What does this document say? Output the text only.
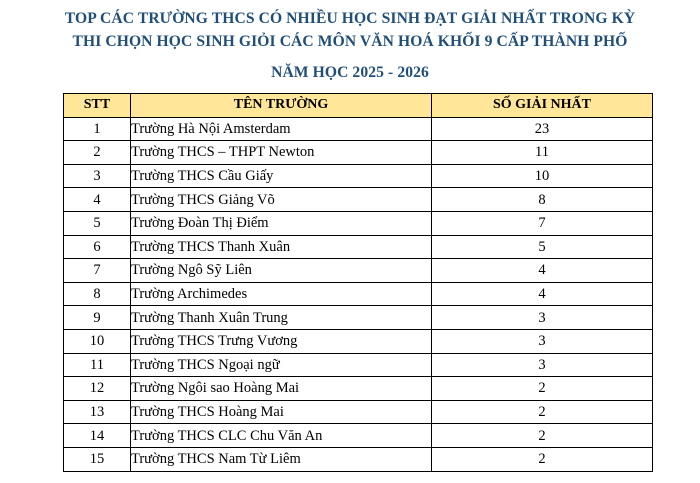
TOP CÁC TRƯỜNG THCS CÓ NHIỀU HỌC SINH ĐẠT GIẢI NHẤT TRONG KỲ
THI CHỌN HỌC SINH GIỎI CÁC MÔN VĂN HOÁ KHỐI 9 CẤP THÀNH PHỐ
NĂM HỌC 2025 - 2026
STT	TÊN TRƯỜNG	SỐ GIẢI NHẤT
1	Trường Hà Nội Amsterdam	23
2	Trường THCS – THPT Newton	11
3	Trường THCS Cầu Giấy	10
4	Trường THCS Giảng Võ	8
5	Trường Đoàn Thị Điểm	7
6	Trường THCS Thanh Xuân	5
7	Trường Ngô Sỹ Liên	4
8	Trường Archimedes	4
9	Trường Thanh Xuân Trung	3
10	Trường THCS Trưng Vương	3
11	Trường THCS Ngoại ngữ	3
12	Trường Ngôi sao Hoàng Mai	2
13	Trường THCS Hoàng Mai	2
14	Trường THCS CLC Chu Văn An	2
15	Trường THCS Nam Từ Liêm	2
